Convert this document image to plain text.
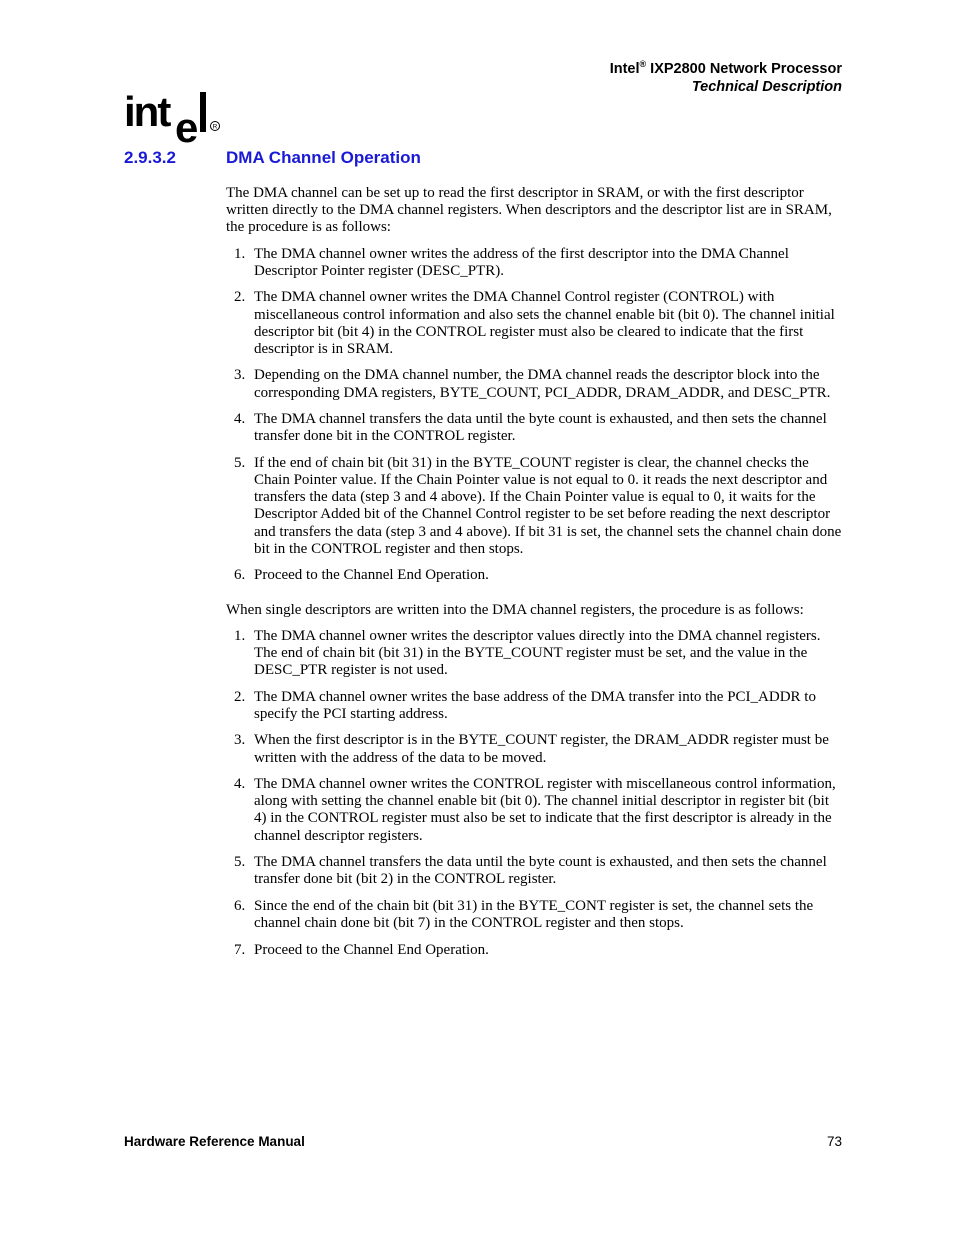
Intel® IXP2800 Network Processor
Technical Description
int e R
2.9.3.2	DMA Channel Operation

The DMA channel can be set up to read the first descriptor in SRAM, or with the first descriptor written directly to the DMA channel registers. When descriptors and the descriptor list are in SRAM, the procedure is as follows:

1. The DMA channel owner writes the address of the first descriptor into the DMA Channel Descriptor Pointer register (DESC_PTR).
2. The DMA channel owner writes the DMA Channel Control register (CONTROL) with miscellaneous control information and also sets the channel enable bit (bit 0). The channel initial descriptor bit (bit 4) in the CONTROL register must also be cleared to indicate that the first descriptor is in SRAM.
3. Depending on the DMA channel number, the DMA channel reads the descriptor block into the corresponding DMA registers, BYTE_COUNT, PCI_ADDR, DRAM_ADDR, and DESC_PTR.
4. The DMA channel transfers the data until the byte count is exhausted, and then sets the channel transfer done bit in the CONTROL register.
5. If the end of chain bit (bit 31) in the BYTE_COUNT register is clear, the channel checks the Chain Pointer value. If the Chain Pointer value is not equal to 0. it reads the next descriptor and transfers the data (step 3 and 4 above). If the Chain Pointer value is equal to 0, it waits for the Descriptor Added bit of the Channel Control register to be set before reading the next descriptor and transfers the data (step 3 and 4 above). If bit 31 is set, the channel sets the channel chain done bit in the CONTROL register and then stops.
6. Proceed to the Channel End Operation.

When single descriptors are written into the DMA channel registers, the procedure is as follows:

1. The DMA channel owner writes the descriptor values directly into the DMA channel registers. The end of chain bit (bit 31) in the BYTE_COUNT register must be set, and the value in the DESC_PTR register is not used.
2. The DMA channel owner writes the base address of the DMA transfer into the PCI_ADDR to specify the PCI starting address.
3. When the first descriptor is in the BYTE_COUNT register, the DRAM_ADDR register must be written with the address of the data to be moved.
4. The DMA channel owner writes the CONTROL register with miscellaneous control information, along with setting the channel enable bit (bit 0). The channel initial descriptor in register bit (bit 4) in the CONTROL register must also be set to indicate that the first descriptor is already in the channel descriptor registers.
5. The DMA channel transfers the data until the byte count is exhausted, and then sets the channel transfer done bit (bit 2) in the CONTROL register.
6. Since the end of the chain bit (bit 31) in the BYTE_CONT register is set, the channel sets the channel chain done bit (bit 7) in the CONTROL register and then stops.
7. Proceed to the Channel End Operation.
Hardware Reference Manual	73
